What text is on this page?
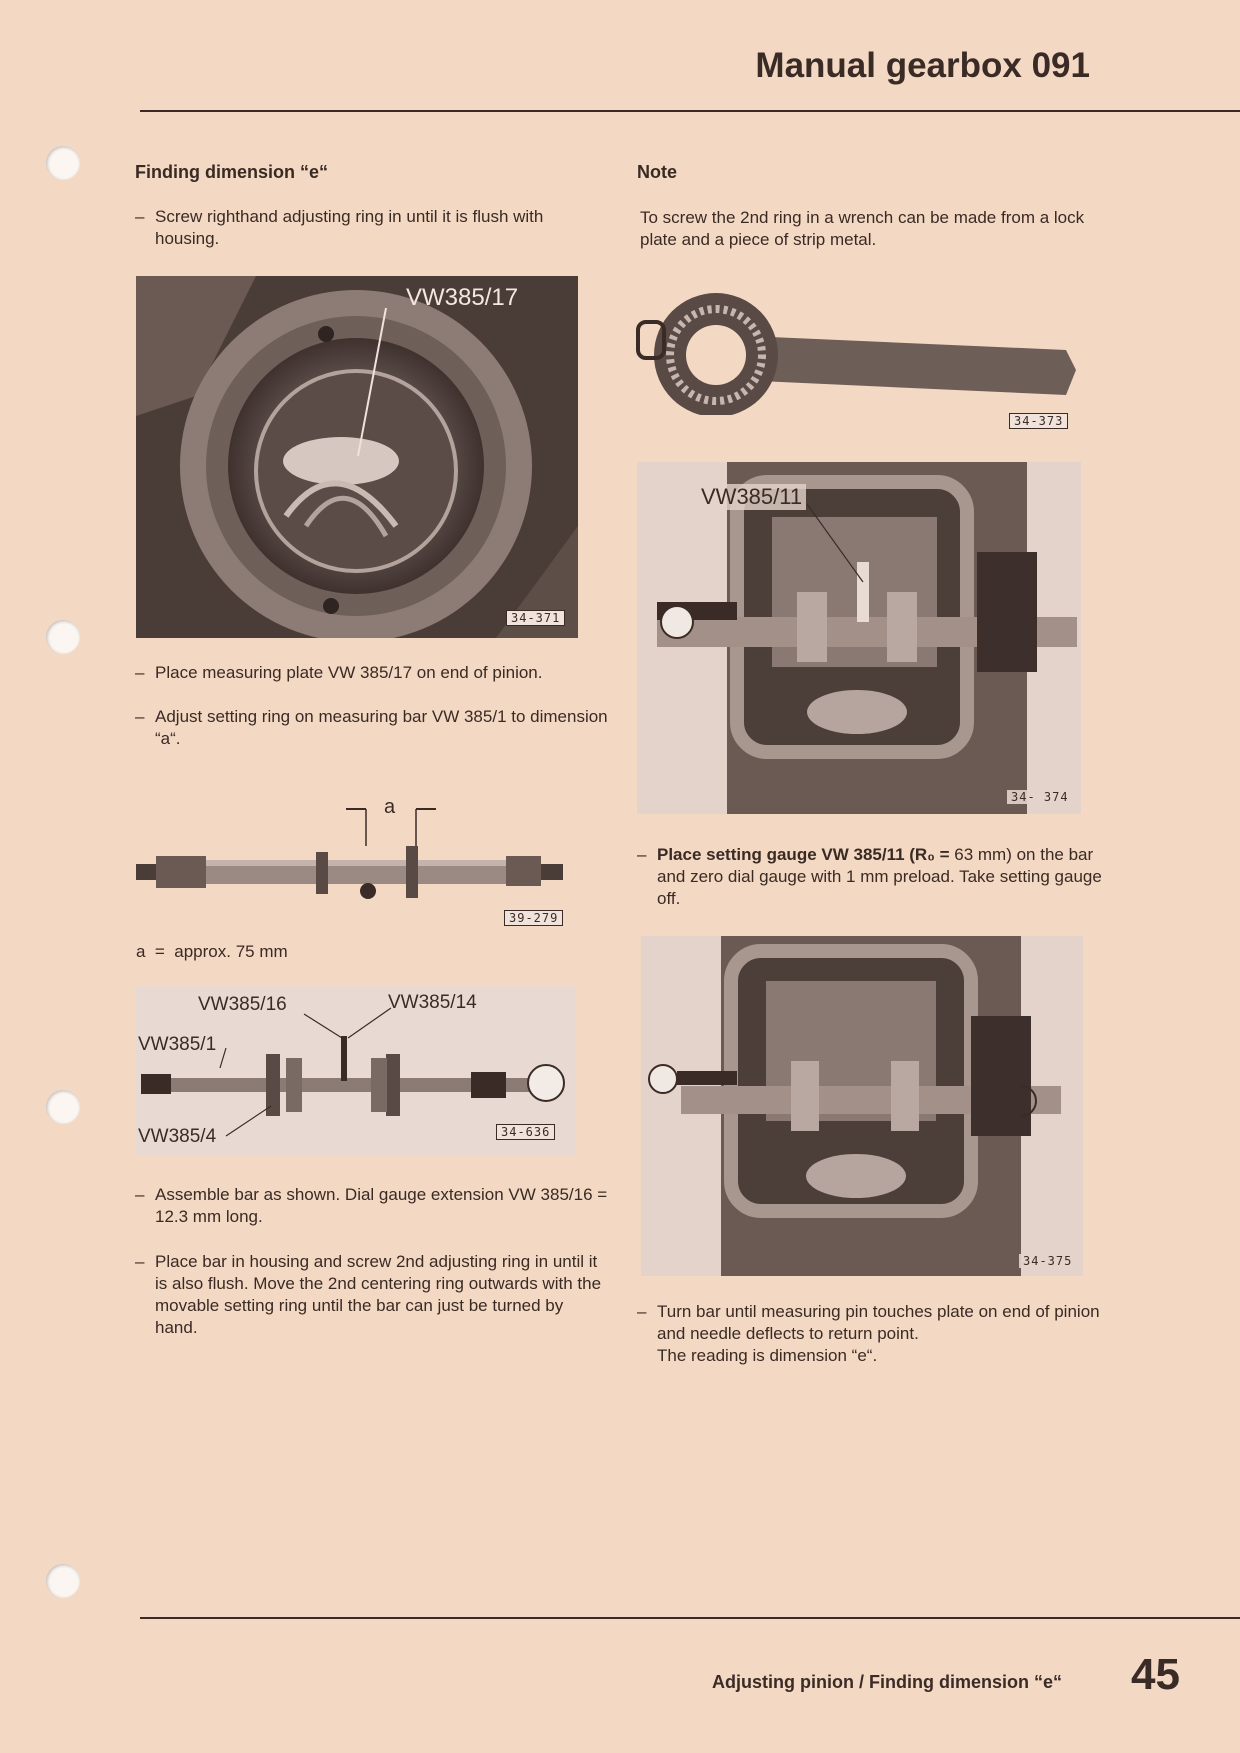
Manual gearbox 091
Finding dimension “e“
– Screw righthand adjusting ring in until it is flush with housing.
VW385/17
34-371
– Place measuring plate VW 385/17 on end of pinion.
– Adjust setting ring on measuring bar VW 385/1 to dimension “a“.
a
39-279
a  =  approx. 75 mm
VW385/16	VW385/14
VW385/1
VW385/4	34-636
– Assemble bar as shown. Dial gauge extension VW 385/16 = 12.3 mm long.
– Place bar in housing and screw 2nd adjusting ring in until it is also flush. Move the 2nd centering ring outwards with the movable setting ring until the bar can just be turned by hand.
Note
To screw the 2nd ring in a wrench can be made from a lock plate and a piece of strip metal.
34-373
VW385/11
34- 374
– Place setting gauge VW 385/11 (R₀ = 63 mm) on the bar and zero dial gauge with 1 mm preload. Take setting gauge off.
34-375
– Turn bar until measuring pin touches plate on end of pinion and needle deflects to return point.
The reading is dimension “e“.
Adjusting pinion / Finding dimension “e“ 45
